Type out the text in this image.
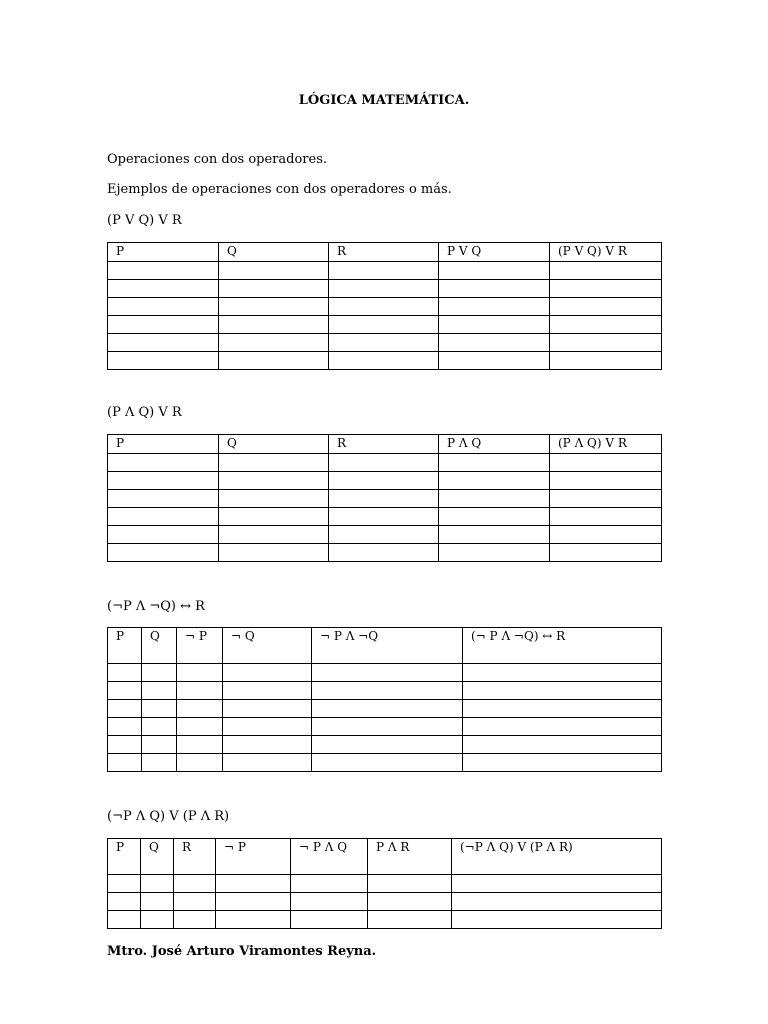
LÓGICA MATEMÁTICA.
Operaciones con dos operadores.
Ejemplos de operaciones con dos operadores o más.
(P V Q) V R
P	Q	R	P V Q	(P V Q) V R

(P Λ Q) V R
P	Q	R	P Λ Q	(P Λ Q) V R

(¬P Λ ¬Q) ↔ R
P	Q	¬ P	¬ Q	¬ P Λ ¬Q	(¬ P Λ ¬Q) ↔ R

(¬P Λ Q) V (P Λ R)
P	Q	R	¬ P	¬ P Λ Q	P Λ R	(¬P Λ Q) V (P Λ R)

Mtro. José Arturo Viramontes Reyna.
